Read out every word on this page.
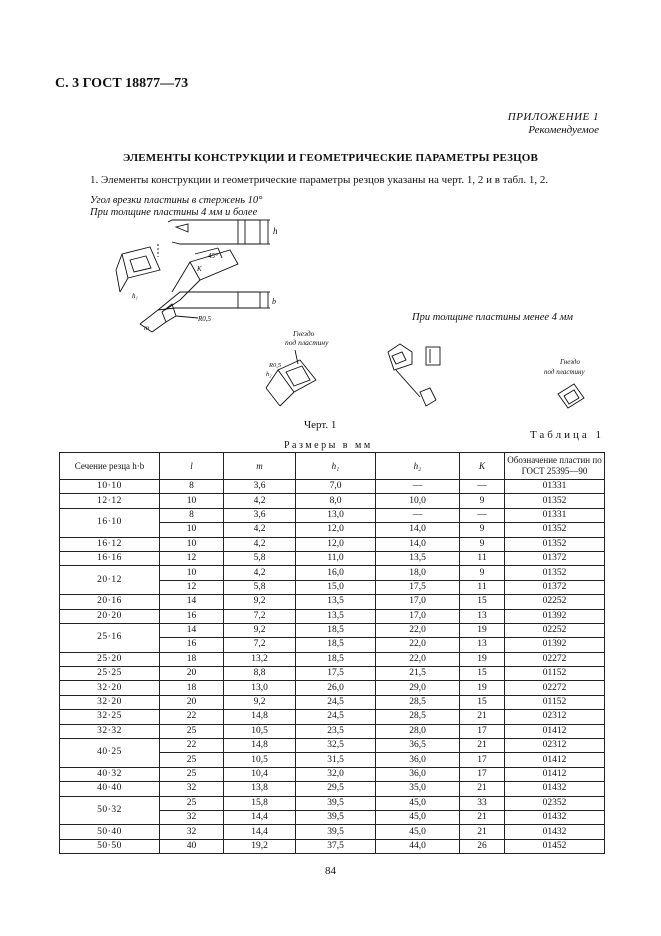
С. 3 ГОСТ 18877—73
ПРИЛОЖЕНИЕ 1
Рекомендуемое
ЭЛЕМЕНТЫ КОНСТРУКЦИИ И ГЕОМЕТРИЧЕСКИЕ ПАРАМЕТРЫ РЕЗЦОВ
1. Элементы конструкции и геометрические параметры резцов указаны на черт. 1, 2 и в табл. 1, 2.
Угол врезки пластины в стержень 10°
При толщине пластины 4 мм и более
h
K
45°
b
R0,5
h₁
m
При толщине пластины менее 4 мм
Гнездо
под пластину
h₂
R0,5	Гнездо
под пластину
Черт. 1
Таблица 1
Размеры в мм
Сечение резца h·b	l	m	h₁	h₂	K	Обозначение пластин по ГОСТ 25395—90
10·10	8	3,6	7,0	—	—	01331
12·12	10	4,2	8,0	10,0	9	01352
16·10	8	3,6	13,0	—	—	01331
	10	4,2	12,0	14,0	9	01352
16·12	10	4,2	12,0	14,0	9	01352
16·16	12	5,8	11,0	13,5	11	01372
20·12	10	4,2	16,0	18,0	9	01352
	12	5,8	15,0	17,5	11	01372
20·16	14	9,2	13,5	17,0	15	02252
20·20	16	7,2	13,5	17,0	13	01392
25·16	14	9,2	18,5	22,0	19	02252
	16	7,2	18,5	22,0	13	01392
25·20	18	13,2	18,5	22,0	19	02272
25·25	20	8,8	17,5	21,5	15	01152
32·20	18	13,0	26,0	29,0	19	02272
32·20	20	9,2	24,5	28,5	15	01152
32·25	22	14,8	24,5	28,5	21	02312
32·32	25	10,5	23,5	28,0	17	01412
40·25	22	14,8	32,5	36,5	21	02312
	25	10,5	31,5	36,0	17	01412
40·32	25	10,4	32,0	36,0	17	01412
40·40	32	13,8	29,5	35,0	21	01432
50·32	25	15,8	39,5	45,0	33	02352
	32	14,4	39,5	45,0	21	01432
50·40	32	14,4	39,5	45,0	21	01432
50·50	40	19,2	37,5	44,0	26	01452
84
